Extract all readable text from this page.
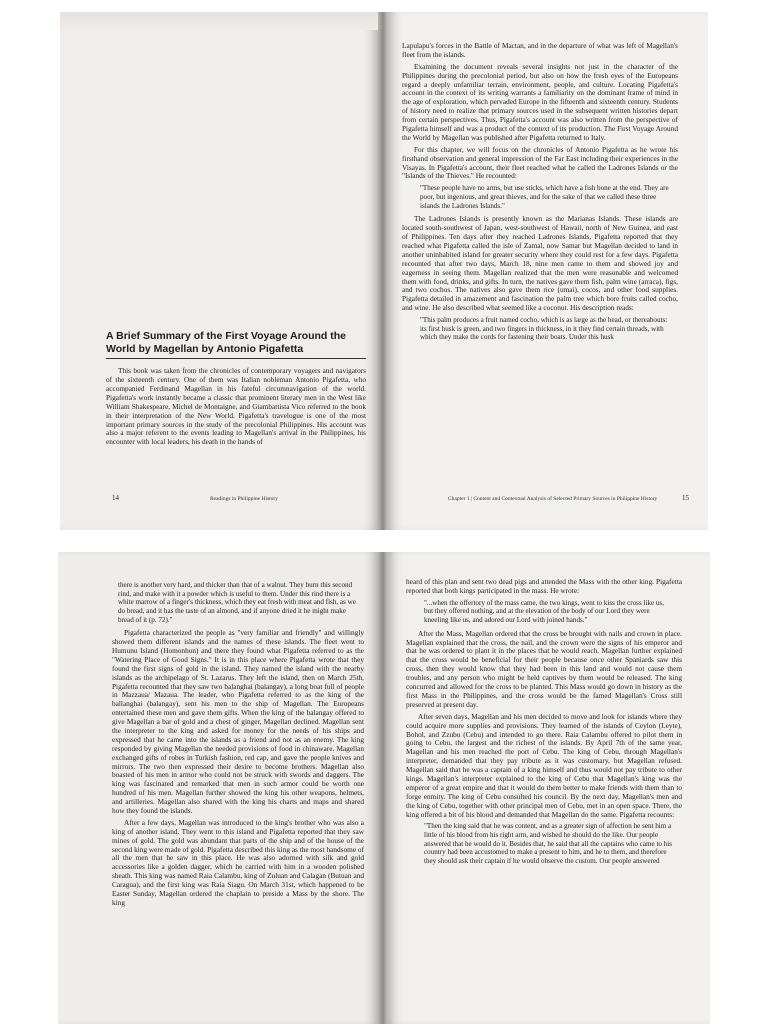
A Brief Summary of the First Voyage Around the World by Magellan by Antonio Pigafetta

This book was taken from the chronicles of contemporary voyagers and navigators of the sixteenth century. One of them was Italian nobleman Antonio Pigafetta, who accompanied Ferdinand Magellan in his fateful circumnavigation of the world. Pigafetta's work instantly became a classic that prominent literary men in the West like William Shakespeare, Michel de Montaigne, and Giambattista Vico referred to the book in their interpretation of the New World. Pigafetta's travelogue is one of the most important primary sources in the study of the precolonial Philippines. His account was also a major referent to the events leading to Magellan's arrival in the Philippines, his encounter with local leaders, his death in the hands of

14	Readings in Philippine History

Lapulapu's forces in the Battle of Mactan, and in the departure of what was left of Magellan's fleet from the islands.

Examining the document reveals several insights not just in the character of the Philippines during the precolonial period, but also on how the fresh eyes of the Europeans regard a deeply unfamiliar terrain, environment, people, and culture. Locating Pigafetta's account in the context of its writing warrants a familiarity on the dominant frame of mind in the age of exploration, which pervaded Europe in the fifteenth and sixteenth century. Students of history need to realize that primary sources used in the subsequent written histories depart from certain perspectives. Thus, Pigafetta's account was also written from the perspective of Pigafetta himself and was a product of the context of its production. The First Voyage Around the World by Magellan was published after Pigafetta returned to Italy.

For this chapter, we will focus on the chronicles of Antonio Pigafetta as he wrote his firsthand observation and general impression of the Far East including their experiences in the Visayas. In Pigafetta's account, their fleet reached what he called the Ladrones Islands or the "Islands of the Thieves." He recounted:

"These people have no arms, but use sticks, which have a fish bone at the end. They are poor, but ingenious, and great thieves, and for the sake of that we called these three islands the Ladrones Islands."

The Ladrones Islands is presently known as the Marianas Islands. These islands are located south-southwest of Japan, west-southwest of Hawaii, north of New Guinea, and east of Philippines. Ten days after they reached Ladrones Islands, Pigafetta reported that they reached what Pigafetta called the isle of Zamal, now Samar but Magellan decided to land in another uninhabited island for greater security where they could rest for a few days. Pigafetta recounted that after two days, March 18, nine men came to them and showed joy and eagerness in seeing them. Magellan realized that the men were reasonable and welcomed them with food, drinks, and gifts. In turn, the natives gave them fish, palm wine (arraca), figs, and two cochos. The natives also gave them rice (umai), cocos, and other food supplies. Pigafetta detailed in amazement and fascination the palm tree which bore fruits called cocho, and wine. He also described what seemed like a coconut. His description reads:

"This palm produces a fruit named cocho, which is as large as the head, or thereabouts: its first husk is green, and two fingers in thickness, in it they find certain threads, with which they make the cords for fastening their boats. Under this husk
Chapter 1 | Content and Contextual Analysis of Selected Primary Sources in Philippine History	15
there is another very hard, and thicker than that of a walnut. They burn this second rind, and make with it a powder which is useful to them. Under this rind there is a white marrow of a finger's thickness, which they eat fresh with meat and fish, as we do bread, and it has the taste of an almond, and if anyone dried it he might make bread of it (p. 72)."

Pigafetta characterized the people as "very familiar and friendly" and willingly showed them different islands and the names of these islands. The fleet went to Humunu Island (Homonhon) and there they found what Pigafetta referred to as the "Watering Place of Good Signs." It is in this place where Pigafetta wrote that they found the first signs of gold in the island. They named the island with the nearby islands as the archipelago of St. Lazarus. They left the island, then on March 25th, Pigafetta recounted that they saw two balanghai (balangay), a long boat full of people in Mazzaua/ Mazaua. The leader, who Pigafetta referred to as the king of the ballanghai (balangay), sent his men to the ship of Magellan. The Europeans entertained these men and gave them gifts. When the king of the balangay offered to give Magellan a bar of gold and a chest of ginger, Magellan declined. Magellan sent the interpreter to the king and asked for money for the needs of his ships and expressed that he came into the islands as a friend and not as an enemy. The king responded by giving Magellan the needed provisions of food in chinaware. Magellan exchanged gifts of robes in Turkish fashion, red cap, and gave the people knives and mirrors. The two then expressed their desire to become brothers. Magellan also boasted of his men in armor who could not be struck with swords and daggers. The king was fascinated and remarked that men in such armor could be worth one hundred of his men. Magellan further showed the king his other weapons, helmets, and artilleries. Magellan also shared with the king his charts and maps and shared how they found the islands.

After a few days, Magellan was introduced to the king's brother who was also a king of another island. They went to this island and Pigafetta reported that they saw mines of gold. The gold was abundant that parts of the ship and of the house of the second king were made of gold. Pigafetta described this king as the most handsome of all the men that he saw in this place. He was also adorned with silk and gold accessories like a golden dagger, which he carried with him in a wooden polished sheath. This king was named Raia Calambu, king of Zuluan and Calagan (Butuan and Caragua), and the first king was Raia Siagu. On March 31st, which happened to be Easter Sunday, Magellan ordered the chaplain to preside a Mass by the shore. The king

heard of this plan and sent two dead pigs and attended the Mass with the other king. Pigafetta reported that both kings participated in the mass. He wrote:

"...when the offertory of the mass came, the two kings, went to kiss the cross like us, but they offered nothing, and at the elevation of the body of our Lord they were kneeling like us, and adored our Lord with joined hands."

After the Mass, Magellan ordered that the cross be brought with nails and crown in place. Magellan explained that the cross, the nail, and the crown were the signs of his emperor and that he was ordered to plant it in the places that he would reach. Magellan further explained that the cross would be beneficial for their people because once other Spaniards saw this cross, then they would know that they had been in this land and would not cause them troubles, and any person who might be held captives by them would be released. The king concurred and allowed for the cross to be planted. This Mass would go down in history as the first Mass in the Philippines, and the cross would be the famed Magellan's Cross still preserved at present day.

After seven days, Magellan and his men decided to move and look for islands where they could acquire more supplies and provisions. They learned of the islands of Ceylon (Leyte), Bohol, and Zzubu (Cebu) and intended to go there. Raia Calambu offered to pilot them in going to Cebu, the largest and the richest of the islands. By April 7th of the same year, Magellan and his men reached the port of Cebu. The king of Cebu, through Magellan's interpreter, demanded that they pay tribute as it was customary, but Magellan refused. Magellan said that he was a captain of a king himself and thus would not pay tribute to other kings. Magellan's interpreter explained to the king of Cebu that Magellan's king was the emperor of a great empire and that it would do them better to make friends with them than to forge enmity. The king of Cebu consulted his council. By the next day, Magellan's men and the king of Cebu, together with other principal men of Cebu, met in an open space. There, the king offered a bit of his blood and demanded that Magellan do the same. Pigafetta recounts:

"Then the king said that he was content, and as a greater sign of affection he sent him a little of his blood from his right arm, and wished he should do the like. Our people answered that he would do it. Besides that, he said that all the captains who came to his country had been accustomed to make a present to him, and he to them, and therefore they should ask their captain if he would observe the custom. Our people answered
